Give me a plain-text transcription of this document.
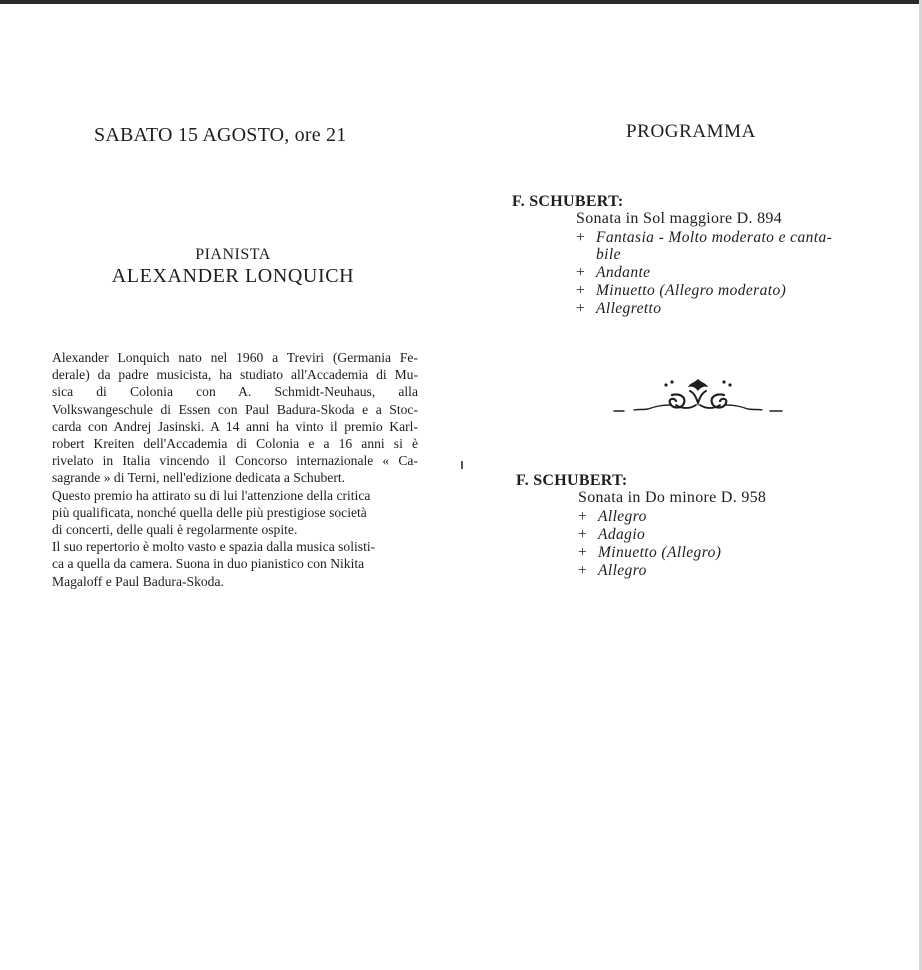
SABATO 15 AGOSTO, ore 21
PIANISTA
ALEXANDER LONQUICH
Alexander Lonquich nato nel 1960 a Treviri (Germania Fe-
derale) da padre musicista, ha studiato all'Accademia di Mu-
sica di Colonia con A. Schmidt-Neuhaus, alla
Volkswangeschule di Essen con Paul Badura-Skoda e a Stoc-
carda con Andrej Jasinski. A 14 anni ha vinto il premio Karl-
robert Kreiten dell'Accademia di Colonia e a 16 anni si è
rivelato in Italia vincendo il Concorso internazionale « Ca-
sagrande » di Terni, nell'edizione dedicata a Schubert.
Questo premio ha attirato su di lui l'attenzione della critica
più qualificata, nonché quella delle più prestigiose società
di concerti, delle quali è regolarmente ospite.
Il suo repertorio è molto vasto e spazia dalla musica solisti-
ca a quella da camera. Suona in duo pianistico con Nikita
Magaloff e Paul Badura-Skoda.
PROGRAMMA
F. SCHUBERT:
Sonata in Sol maggiore D. 894
+ Fantasia - Molto moderato e canta-
bile
+ Andante
+ Minuetto (Allegro moderato)
+ Allegretto
F. SCHUBERT:
Sonata in Do minore D. 958
+ Allegro
+ Adagio
+ Minuetto (Allegro)
+ Allegro
